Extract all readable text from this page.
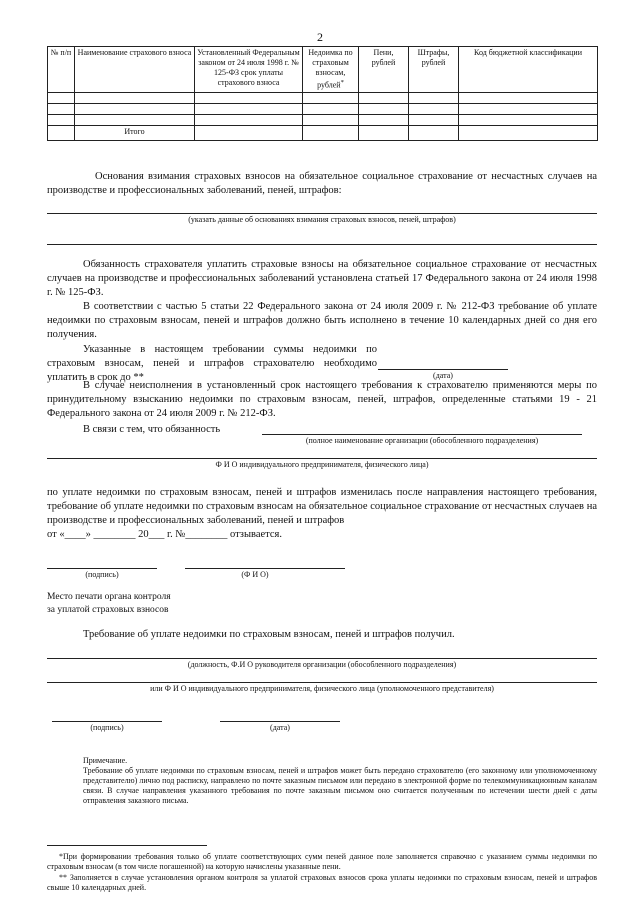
2
№ п/п	Наименование страхового взноса	Установленный Федеральным законом от 24 июля 1998 г. № 125-ФЗ срок уплаты страхового взноса	Недоимка по страховым взносам, рублей*	Пени, рублей	Штрафы, рублей	Код бюджетной классификации

	Итого					
Основания взимания страховых взносов на обязательное социальное страхование от несчастных случаев на производстве и профессиональных заболеваний, пеней, штрафов:
(указать данные об основаниях взимания страховых взносов, пеней, штрафов)
Обязанность страхователя уплатить страховые взносы на обязательное социальное страхование от несчастных случаев на производстве и профессиональных заболеваний установлена статьей 17 Федерального закона от 24 июля 1998 г. № 125-ФЗ.
В соответствии с частью 5 статьи 22 Федерального закона от 24 июля 2009 г. № 212-ФЗ требование об уплате недоимки по страховым взносам, пеней и штрафов должно быть исполнено в течение 10 календарных дней со дня его получения.
Указанные в настоящем требовании суммы недоимки по страховым взносам, пеней и штрафов страхователю необходимо уплатить в срок до **	(дата)
В случае неисполнения в установленный срок настоящего требования к страхователю применяются меры по принудительному взысканию недоимки по страховым взносам, пеней, штрафов, определенные статьями 19 - 21 Федерального закона от 24 июля 2009 г. № 212-ФЗ.
В связи с тем, что обязанность
(полное наименование организации (обособленного подразделения)
Ф И О индивидуального предпринимателя, физического лица)
по уплате недоимки по страховым взносам, пеней и штрафов изменилась после направления настоящего требования, требование об уплате недоимки по страховым взносам на обязательное социальное страхование от несчастных случаев на производстве и профессиональных заболеваний, пеней и штрафов
от «____» ________ 20___ г. №________ отзывается.
(подпись)	(Ф И О)
Место печати органа контроля
за уплатой страховых взносов
Требование об уплате недоимки по страховым взносам, пеней и штрафов получил.
(должность, Ф.И О руководителя организации (обособленного подразделения)
или Ф И О индивидуального предпринимателя, физического лица (уполномоченного представителя)
(подпись)	(дата)
Примечание.
Требование об уплате недоимки по страховым взносам, пеней и штрафов может быть передано страхователю (его законному или уполномоченному представителю) лично под расписку, направлено по почте заказным письмом или передано в электронной форме по телекоммуникационным каналам связи. В случае направления указанного требования по почте заказным письмом оно считается полученным по истечении шести дней с даты отправления заказного письма.
*При формировании требования только об уплате соответствующих сумм пеней данное поле заполняется справочно с указанием суммы недоимки по страховым взносам (в том числе погашенной) на которую начислены указанные пени.
** Заполняется в случае установления органом контроля за уплатой страховых взносов срока уплаты недоимки по страховым взносам, пеней и штрафов свыше 10 календарных дней.
